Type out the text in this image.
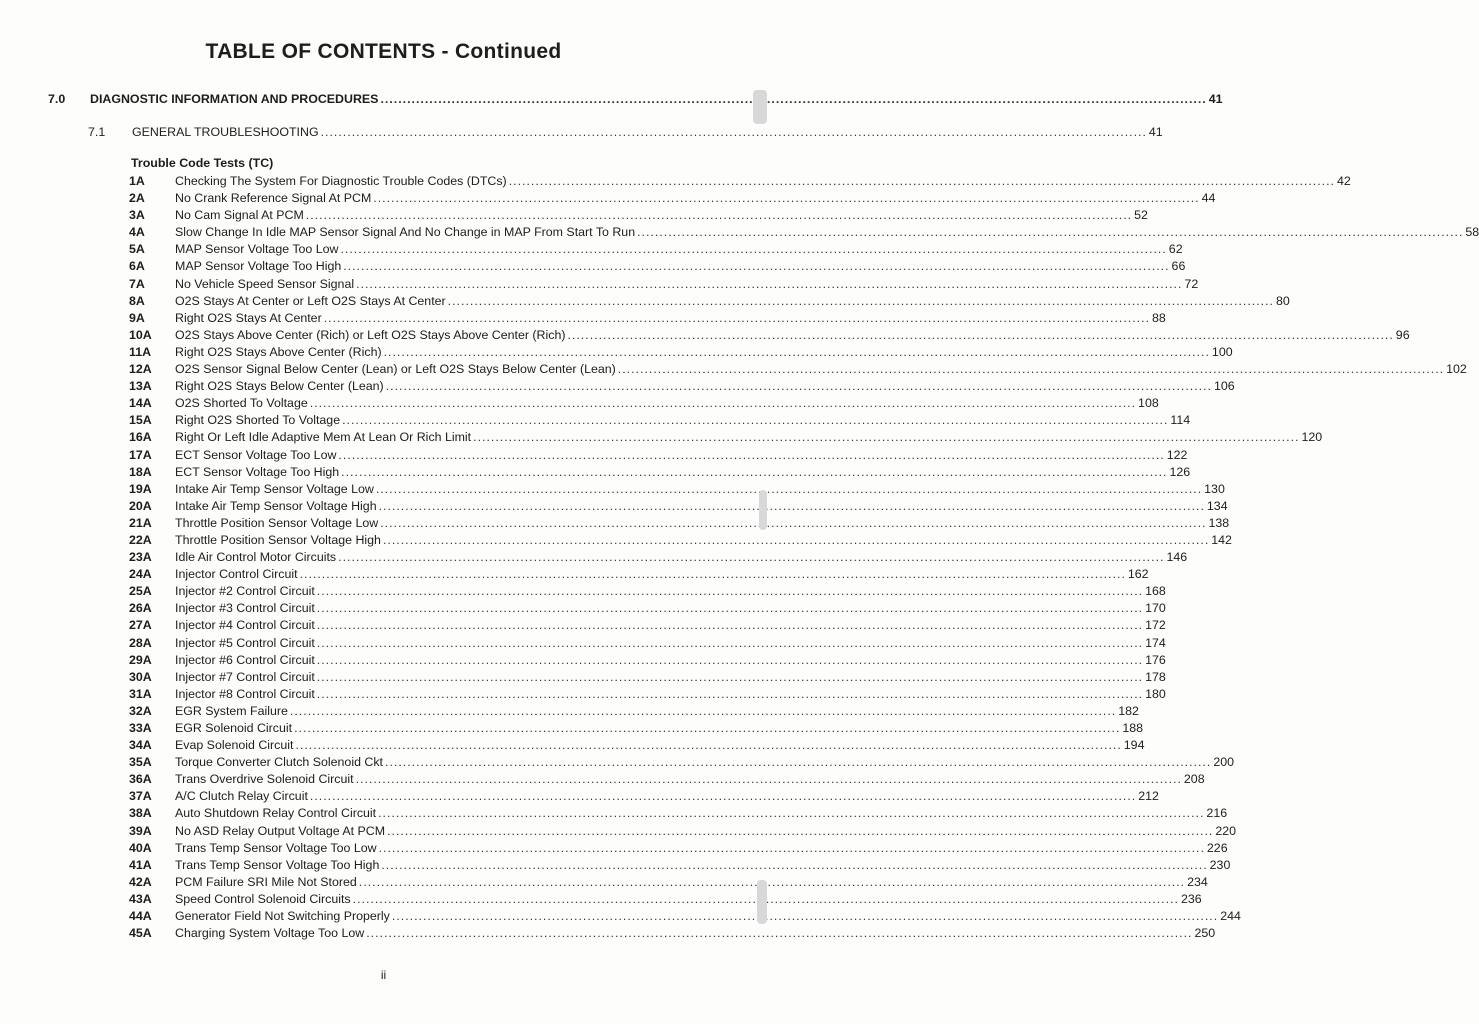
TABLE OF CONTENTS - Continued
7.0 DIAGNOSTIC INFORMATION AND PROCEDURES .....	41
7.1 GENERAL TROUBLESHOOTING .....	41
Trouble Code Tests (TC)
1A	Checking The System For Diagnostic Trouble Codes (DTCs) .....	42
2A	No Crank Reference Signal At PCM .....	44
3A	No Cam Signal At PCM .....	52
4A	Slow Change In Idle MAP Sensor Signal And No Change in MAP From Start To Run .....	58
5A	MAP Sensor Voltage Too Low .....	62
6A	MAP Sensor Voltage Too High .....	66
7A	No Vehicle Speed Sensor Signal .....	72
8A	O2S Stays At Center or Left O2S Stays At Center .....	80
9A	Right O2S Stays At Center .....	88
10A	O2S Stays Above Center (Rich) or Left O2S Stays Above Center (Rich) .....	96
11A	Right O2S Stays Above Center (Rich) .....	100
12A	O2S Sensor Signal Below Center (Lean) or Left O2S Stays Below Center (Lean) .....	102
13A	Right O2S Stays Below Center (Lean) .....	106
14A	O2S Shorted To Voltage .....	108
15A	Right O2S Shorted To Voltage .....	114
16A	Right Or Left Idle Adaptive Mem At Lean Or Rich Limit .....	120
17A	ECT Sensor Voltage Too Low .....	122
18A	ECT Sensor Voltage Too High .....	126
19A	Intake Air Temp Sensor Voltage Low .....	130
20A	Intake Air Temp Sensor Voltage High .....	134
21A	Throttle Position Sensor Voltage Low .....	138
22A	Throttle Position Sensor Voltage High .....	142
23A	Idle Air Control Motor Circuits .....	146
24A	Injector Control Circuit .....	162
25A	Injector #2 Control Circuit .....	168
26A	Injector #3 Control Circuit .....	170
27A	Injector #4 Control Circuit .....	172
28A	Injector #5 Control Circuit .....	174
29A	Injector #6 Control Circuit .....	176
30A	Injector #7 Control Circuit .....	178
31A	Injector #8 Control Circuit .....	180
32A	EGR System Failure .....	182
33A	EGR Solenoid Circuit .....	188
34A	Evap Solenoid Circuit .....	194
35A	Torque Converter Clutch Solenoid Ckt .....	200
36A	Trans Overdrive Solenoid Circuit .....	208
37A	A/C Clutch Relay Circuit .....	212
38A	Auto Shutdown Relay Control Circuit .....	216
39A	No ASD Relay Output Voltage At PCM .....	220
40A	Trans Temp Sensor Voltage Too Low .....	226
41A	Trans Temp Sensor Voltage Too High .....	230
42A	PCM Failure SRI Mile Not Stored .....	234
43A	Speed Control Solenoid Circuits .....	236
44A	Generator Field Not Switching Properly .....	244
45A	Charging System Voltage Too Low .....	250
ii
